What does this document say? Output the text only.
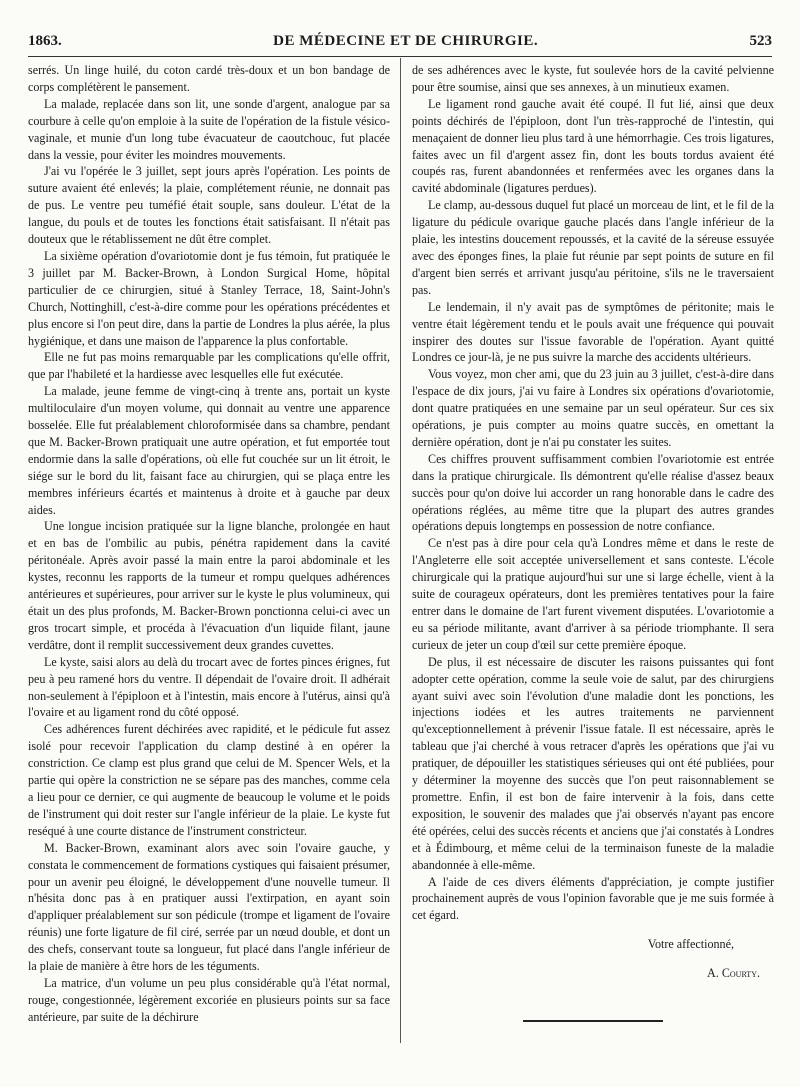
1863.	DE MÉDECINE ET DE CHIRURGIE.	523

serrés. Un linge huilé, du coton cardé très-doux et un bon bandage de corps complétèrent le pansement.

La malade, replacée dans son lit, une sonde d'argent, analogue par sa courbure à celle qu'on emploie à la suite de l'opération de la fistule vésico-vaginale, et munie d'un long tube évacuateur de caoutchouc, fut placée dans la vessie, pour éviter les moindres mouvements.

J'ai vu l'opérée le 3 juillet, sept jours après l'opération. Les points de suture avaient été enlevés; la plaie, complétement réunie, ne donnait pas de pus. Le ventre peu tuméfié était souple, sans douleur. L'état de la langue, du pouls et de toutes les fonctions était satisfaisant. Il n'était pas douteux que le rétablissement ne dût être complet.

La sixième opération d'ovariotomie dont je fus témoin, fut pratiquée le 3 juillet par M. Backer-Brown, à London Surgical Home, hôpital particulier de ce chirurgien, situé à Stanley Terrace, 18, Saint-John's Church, Nottinghill, c'est-à-dire comme pour les opérations précédentes et plus encore si l'on peut dire, dans la partie de Londres la plus aérée, la plus hygiénique, et dans une maison de l'apparence la plus confortable.

Elle ne fut pas moins remarquable par les complications qu'elle offrit, que par l'habileté et la hardiesse avec lesquelles elle fut exécutée.

La malade, jeune femme de vingt-cinq à trente ans, portait un kyste multiloculaire d'un moyen volume, qui donnait au ventre une apparence bosselée. Elle fut préalablement chloroformisée dans sa chambre, pendant que M. Backer-Brown pratiquait une autre opération, et fut emportée tout endormie dans la salle d'opérations, où elle fut couchée sur un lit étroit, le siége sur le bord du lit, faisant face au chirurgien, qui se plaça entre les membres inférieurs écartés et maintenus à droite et à gauche par deux aides.

Une longue incision pratiquée sur la ligne blanche, prolongée en haut et en bas de l'ombilic au pubis, pénétra rapidement dans la cavité péritonéale. Après avoir passé la main entre la paroi abdominale et les kystes, reconnu les rapports de la tumeur et rompu quelques adhérences antérieures et supérieures, pour arriver sur le kyste le plus volumineux, qui était un des plus profonds, M. Backer-Brown ponctionna celui-ci avec un gros trocart simple, et procéda à l'évacuation d'un liquide filant, jaune verdâtre, dont il remplit successivement deux grandes cuvettes.

Le kyste, saisi alors au delà du trocart avec de fortes pinces érignes, fut peu à peu ramené hors du ventre. Il dépendait de l'ovaire droit. Il adhérait non-seulement à l'épiploon et à l'intestin, mais encore à l'utérus, ainsi qu'à l'ovaire et au ligament rond du côté opposé.

Ces adhérences furent déchirées avec rapidité, et le pédicule fut assez isolé pour recevoir l'application du clamp destiné à en opérer la constriction. Ce clamp est plus grand que celui de M. Spencer Wels, et la partie qui opère la constriction ne se sépare pas des manches, comme cela a lieu pour ce dernier, ce qui augmente de beaucoup le volume et le poids de l'instrument qui doit rester sur l'angle inférieur de la plaie. Le kyste fut reséqué à une courte distance de l'instrument constricteur.

M. Backer-Brown, examinant alors avec soin l'ovaire gauche, y constata le commencement de formations cystiques qui faisaient présumer, pour un avenir peu éloigné, le développement d'une nouvelle tumeur. Il n'hésita donc pas à en pratiquer aussi l'extirpation, en ayant soin d'appliquer préalablement sur son pédicule (trompe et ligament de l'ovaire réunis) une forte ligature de fil ciré, serrée par un nœud double, et dont un des chefs, conservant toute sa longueur, fut placé dans l'angle inférieur de la plaie de manière à être hors de les téguments.

La matrice, d'un volume un peu plus considérable qu'à l'état normal, rouge, congestionnée, légèrement excoriée en plusieurs points sur sa face antérieure, par suite de la déchirure

de ses adhérences avec le kyste, fut soulevée hors de la cavité pelvienne pour être soumise, ainsi que ses annexes, à un minutieux examen.

Le ligament rond gauche avait été coupé. Il fut lié, ainsi que deux points déchirés de l'épiploon, dont l'un très-rapproché de l'intestin, qui menaçaient de donner lieu plus tard à une hémorrhagie. Ces trois ligatures, faites avec un fil d'argent assez fin, dont les bouts tordus avaient été coupés ras, furent abandonnées et renfermées avec les organes dans la cavité abdominale (ligatures perdues).

Le clamp, au-dessous duquel fut placé un morceau de lint, et le fil de la ligature du pédicule ovarique gauche placés dans l'angle inférieur de la plaie, les intestins doucement repoussés, et la cavité de la séreuse essuyée avec des éponges fines, la plaie fut réunie par sept points de suture en fil d'argent bien serrés et arrivant jusqu'au péritoine, s'ils ne le traversaient pas.

Le lendemain, il n'y avait pas de symptômes de péritonite; mais le ventre était légèrement tendu et le pouls avait une fréquence qui pouvait inspirer des doutes sur l'issue favorable de l'opération. Ayant quitté Londres ce jour-là, je ne pus suivre la marche des accidents ultérieurs.

Vous voyez, mon cher ami, que du 23 juin au 3 juillet, c'est-à-dire dans l'espace de dix jours, j'ai vu faire à Londres six opérations d'ovariotomie, dont quatre pratiquées en une semaine par un seul opérateur. Sur ces six opérations, je puis compter au moins quatre succès, en omettant la dernière opération, dont je n'ai pu constater les suites.

Ces chiffres prouvent suffisamment combien l'ovariotomie est entrée dans la pratique chirurgicale. Ils démontrent qu'elle réalise d'assez beaux succès pour qu'on doive lui accorder un rang honorable dans le cadre des opérations réglées, au même titre que la plupart des autres grandes opérations depuis longtemps en possession de notre confiance.

Ce n'est pas à dire pour cela qu'à Londres même et dans le reste de l'Angleterre elle soit acceptée universellement et sans conteste. L'école chirurgicale qui la pratique aujourd'hui sur une si large échelle, vient à la suite de courageux opérateurs, dont les premières tentatives pour la faire entrer dans le domaine de l'art furent vivement disputées. L'ovariotomie a eu sa période militante, avant d'arriver à sa période triomphante. Il sera curieux de jeter un coup d'œil sur cette première époque.

De plus, il est nécessaire de discuter les raisons puissantes qui font adopter cette opération, comme la seule voie de salut, par des chirurgiens ayant suivi avec soin l'évolution d'une maladie dont les ponctions, les injections iodées et les autres traitements ne parviennent qu'exceptionnellement à prévenir l'issue fatale. Il est nécessaire, après le tableau que j'ai cherché à vous retracer d'après les opérations que j'ai vu pratiquer, de dépouiller les statistiques sérieuses qui ont été publiées, pour y déterminer la moyenne des succès que l'on peut raisonnablement se promettre. Enfin, il est bon de faire intervenir à la fois, dans cette exposition, le souvenir des malades que j'ai observés n'ayant pas encore été opérées, celui des succès récents et anciens que j'ai constatés à Londres et à Édimbourg, et même celui de la terminaison funeste de la maladie abandonnée à elle-même.

A l'aide de ces divers éléments d'appréciation, je compte justifier prochainement auprès de vous l'opinion favorable que je me suis formée à cet égard.

Votre affectionné,
A. Courty.
